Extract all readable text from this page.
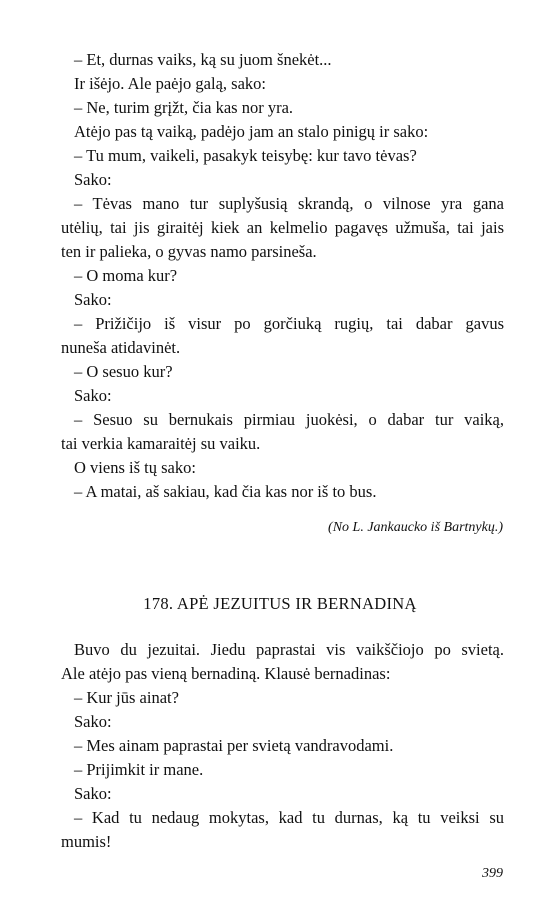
– Et, durnas vaiks, ką su juom šnekėt...
Ir išėjo. Ale paėjo galą, sako:
– Ne, turim grįžt, čia kas nor yra.
Atėjo pas tą vaiką, padėjo jam an stalo pinigų ir sako:
– Tu mum, vaikeli, pasakyk teisybę: kur tavo tėvas?
Sako:
– Tėvas mano tur suplyšusią skrandą, o vilnose yra gana
utėlių, tai jis giraitėj kiek an kelmelio pagavęs užmuša, tai jais
ten ir palieka, o gyvas namo parsineša.
– O moma kur?
Sako:
– Prižičijo iš visur po gorčiuką rugių, tai dabar gavus
nuneša atidavinėt.
– O sesuo kur?
Sako:
– Sesuo su bernukais pirmiau juokėsi, o dabar tur vaiką,
tai verkia kamaraitėj su vaiku.
O viens iš tų sako:
– A matai, aš sakiau, kad čia kas nor iš to bus.
(No L. Jankaucko iš Bartnykų.)
178. APĖ JEZUITUS IR BERNADINĄ
Buvo du jezuitai. Jiedu paprastai vis vaikščiojo po svietą.
Ale atėjo pas vieną bernadiną. Klausė bernadinas:
– Kur jūs ainat?
Sako:
– Mes ainam paprastai per svietą vandravodami.
– Prijimkit ir mane.
Sako:
– Kad tu nedaug mokytas, kad tu durnas, ką tu veiksi su
mumis!
399
